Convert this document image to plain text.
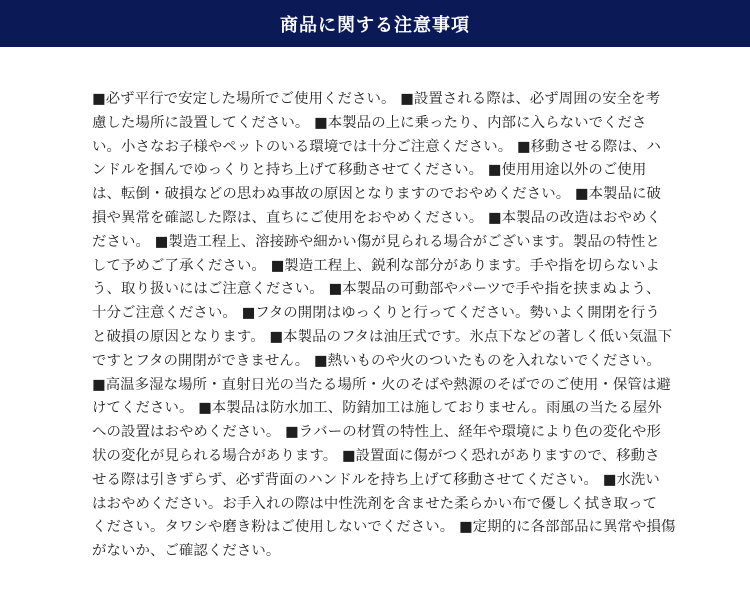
商品に関する注意事項
■必ず平行で安定した場所でご使用ください。 ■設置される際は、必ず周囲の安全を考
慮した場所に設置してください。 ■本製品の上に乗ったり、内部に入らないでくださ
い。小さなお子様やペットのいる環境では十分ご注意ください。 ■移動させる際は、ハ
ンドルを掴んでゆっくりと持ち上げて移動させてください。 ■使用用途以外のご使用
は、転倒・破損などの思わぬ事故の原因となりますのでおやめください。 ■本製品に破
損や異常を確認した際は、直ちにご使用をおやめください。 ■本製品の改造はおやめく
ださい。 ■製造工程上、溶接跡や細かい傷が見られる場合がございます。製品の特性と
して予めご了承ください。 ■製造工程上、鋭利な部分があります。手や指を切らないよ
う、取り扱いにはご注意ください。 ■本製品の可動部やパーツで手や指を挟まぬよう、
十分ご注意ください。 ■フタの開閉はゆっくりと行ってください。勢いよく開閉を行う
と破損の原因となります。 ■本製品のフタは油圧式です。氷点下などの著しく低い気温下
ですとフタの開閉ができません。 ■熱いものや火のついたものを入れないでください。
■高温多湿な場所・直射日光の当たる場所・火のそばや熱源のそばでのご使用・保管は避
けてください。 ■本製品は防水加工、防錆加工は施しておりません。雨風の当たる屋外
への設置はおやめください。 ■ラバーの材質の特性上、経年や環境により色の変化や形
状の変化が見られる場合があります。 ■設置面に傷がつく恐れがありますので、移動さ
せる際は引きずらず、必ず背面のハンドルを持ち上げて移動させてください。 ■水洗い
はおやめください。お手入れの際は中性洗剤を含ませた柔らかい布で優しく拭き取って
ください。タワシや磨き粉はご使用しないでください。 ■定期的に各部部品に異常や損傷
がないか、ご確認ください。
